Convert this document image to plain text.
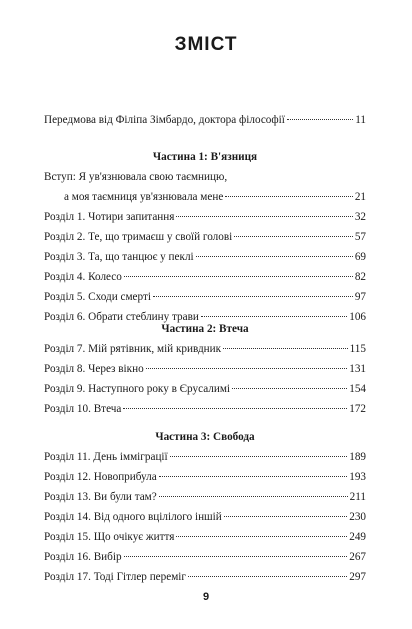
ЗМІСТ
Передмова від Філіпа Зімбардо, доктора філософії	11
Частина 1: В'язниця
Вступ: Я ув'язнювала свою таємницю,
а моя таємниця ув'язнювала мене	21
Розділ 1. Чотири запитання	32
Розділ 2. Те, що тримаєш у своїй голові	57
Розділ 3. Та, що танцює у пеклі	69
Розділ 4. Колесо	82
Розділ 5. Сходи смерті	97
Розділ 6. Обрати стеблину трави	106
Частина 2: Втеча
Розділ 7. Мій рятівник, мій кривдник	115
Розділ 8. Через вікно	131
Розділ 9. Наступного року в Єрусалимі	154
Розділ 10. Втеча	172
Частина 3: Свобода
Розділ 11. День імміграції	189
Розділ 12. Новоприбула	193
Розділ 13. Ви були там?	211
Розділ 14. Від одного вцілілого іншій	230
Розділ 15. Що очікує життя	249
Розділ 16. Вибір	267
Розділ 17. Тоді Гітлер переміг	297
9
